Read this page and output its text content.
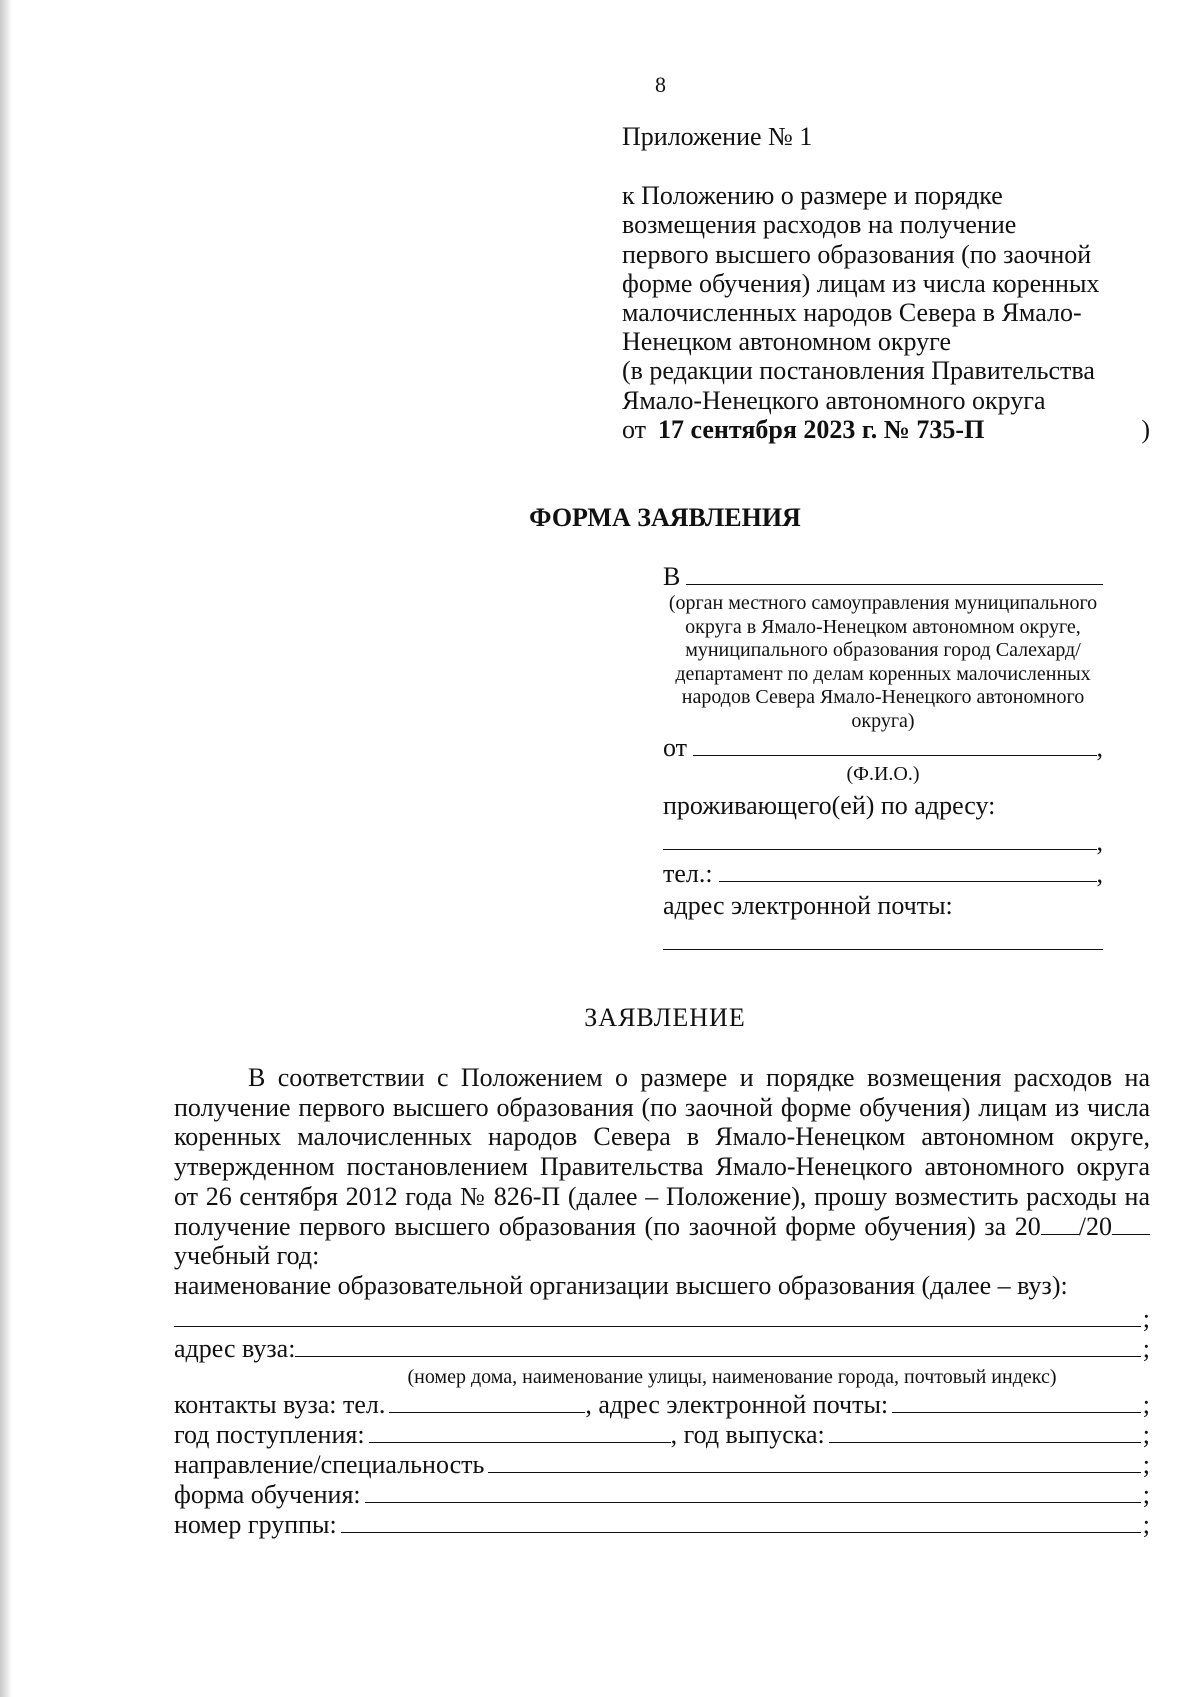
8
Приложение № 1
к Положению о размере и порядке
возмещения расходов на получение
первого высшего образования (по заочной
форме обучения) лицам из числа коренных
малочисленных народов Севера в Ямало-
Ненецком автономном округе
(в редакции постановления Правительства
Ямало-Ненецкого автономного округа
от 17 сентября 2023 г. № 735-П	)
ФОРМА ЗАЯВЛЕНИЯ
В
(орган местного самоуправления муниципального округа в Ямало-Ненецком автономном округе, муниципального образования город Салехард/департамент по делам коренных малочисленных народов Севера Ямало-Ненецкого автономного округа)
от	,
(Ф.И.О.)
проживающего(ей) по адресу:
,
тел.:	,
адрес электронной почты:
ЗАЯВЛЕНИЕ

В соответствии с Положением о размере и порядке возмещения расходов на получение первого высшего образования (по заочной форме обучения) лицам из числа коренных малочисленных народов Севера в Ямало-Ненецком автономном округе, утвержденном постановлением Правительства Ямало-Ненецкого автономного округа от 26 сентября 2012 года № 826-П (далее – Положение), прошу возместить расходы на получение первого высшего образования (по заочной форме обучения) за 20 /20 учебный год:

наименование образовательной организации высшего образования (далее – вуз):
;
адрес вуза:	;
(номер дома, наименование улицы, наименование города, почтовый индекс)
контакты вуза: тел.	, адрес электронной почты:	;
год поступления:	, год выпуска:	;
направление/специальность	;
форма обучения:	;
номер группы:	;
